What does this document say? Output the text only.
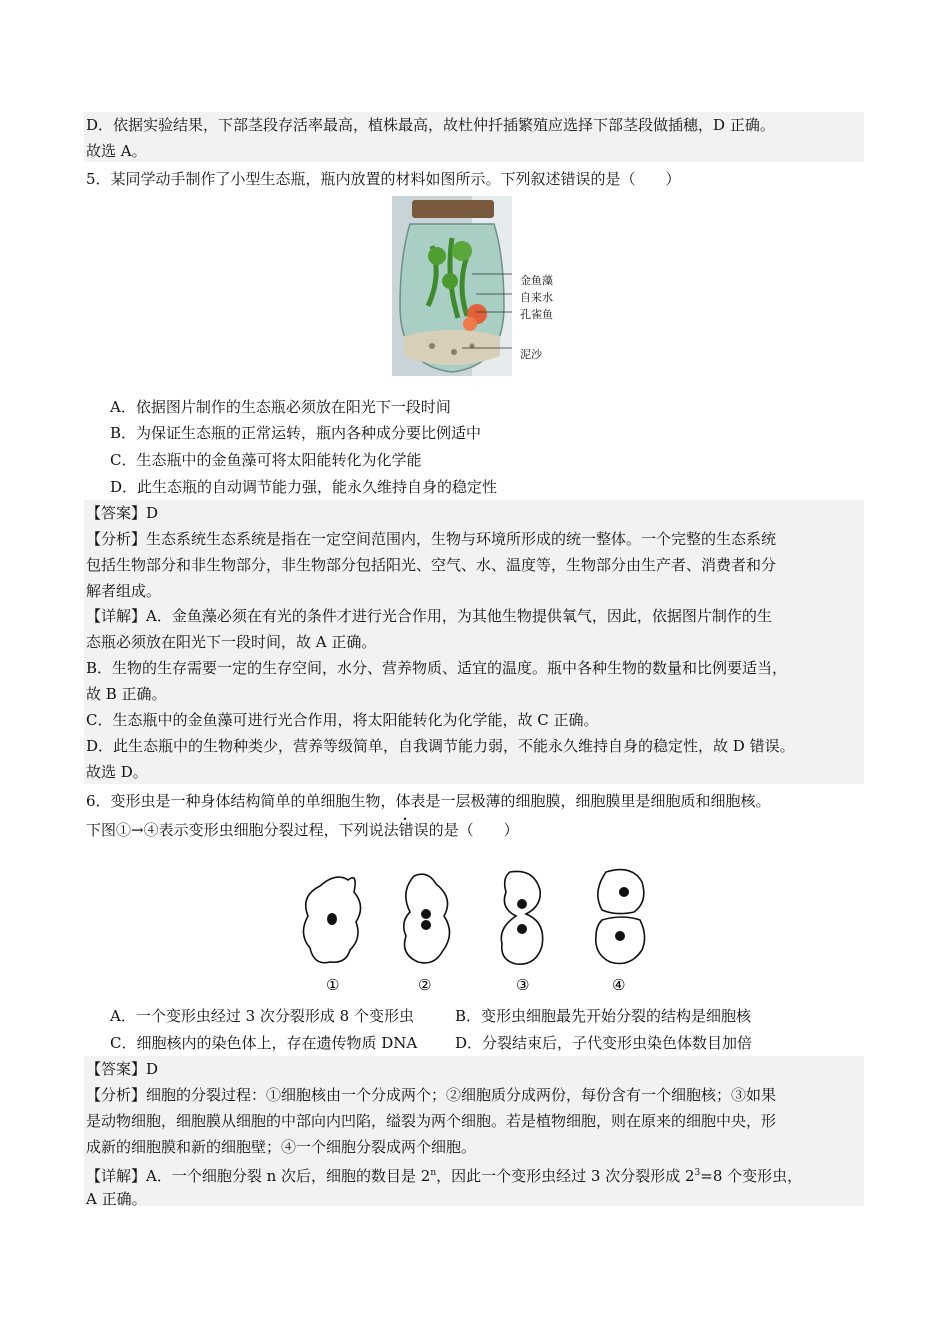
D．依据实验结果，下部茎段存活率最高，植株最高，故杜仲扦插繁殖应选择下部茎段做插穗，D 正确。
故选 A。
5．某同学动手制作了小型生态瓶，瓶内放置的材料如图所示。下列叙述错误的是（　　）
金鱼藻
自来水
孔雀鱼
泥沙
A．依据图片制作的生态瓶必须放在阳光下一段时间
B．为保证生态瓶的正常运转，瓶内各种成分要比例适中
C．生态瓶中的金鱼藻可将太阳能转化为化学能
D．此生态瓶的自动调节能力强，能永久维持自身的稳定性
【答案】D
【分析】生态系统生态系统是指在一定空间范围内，生物与环境所形成的统一整体。一个完整的生态系统
包括生物部分和非生物部分，非生物部分包括阳光、空气、水、温度等，生物部分由生产者、消费者和分
解者组成。
【详解】A．金鱼藻必须在有光的条件才进行光合作用，为其他生物提供氧气，因此，依据图片制作的生
态瓶必须放在阳光下一段时间，故 A 正确。
B．生物的生存需要一定的生存空间，水分、营养物质、适宜的温度。瓶中各种生物的数量和比例要适当，
故 B 正确。
C．生态瓶中的金鱼藻可进行光合作用，将太阳能转化为化学能，故 C 正确。
D．此生态瓶中的生物种类少，营养等级简单，自我调节能力弱，不能永久维持自身的稳定性，故 D 错误。
故选 D。
6．变形虫是一种身体结构简单的单细胞生物，体表是一层极薄的细胞膜，细胞膜里是细胞质和细胞核。
下图①→④表示变形虫细胞分裂过程，下列说法错误的是（　　）
①	②	③	④
A．一个变形虫经过 3 次分裂形成 8 个变形虫	B．变形虫细胞最先开始分裂的结构是细胞核
C．细胞核内的染色体上，存在遗传物质 DNA	D．分裂结束后，子代变形虫染色体数目加倍
【答案】D
【分析】细胞的分裂过程：①细胞核由一个分成两个；②细胞质分成两份，每份含有一个细胞核；③如果
是动物细胞，细胞膜从细胞的中部向内凹陷，缢裂为两个细胞。若是植物细胞，则在原来的细胞中央，形
成新的细胞膜和新的细胞壁；④一个细胞分裂成两个细胞。
【详解】A．一个细胞分裂 n 次后，细胞的数目是 2$^n$，因此一个变形虫经过 3 次分裂形成 $2^3=8$ 个变形虫，
A 正确。
